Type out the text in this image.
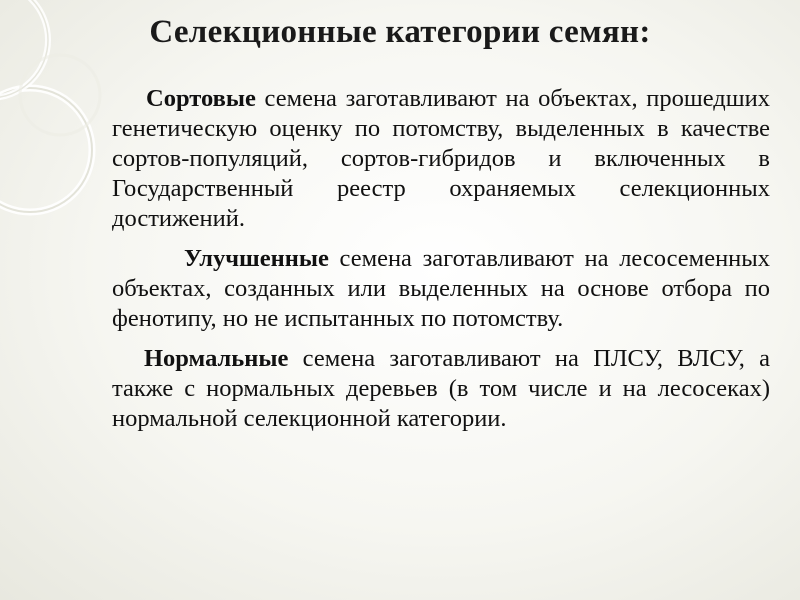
Селекционные категории семян:

Сортовые семена заготавливают на объектах, прошедших генетическую оценку по потомству, выделенных в качестве сортов-популяций, сортов-гибридов и включенных в Государственный реестр охраняемых селекционных достижений.

Улучшенные семена заготавливают на лесосеменных объектах, созданных или выделенных на основе отбора по фенотипу, но не испытанных по потомству.

Нормальные семена заготавливают на ПЛСУ, ВЛСУ, а также с нормальных деревьев (в том числе и на лесосеках) нормальной селекционной категории.
